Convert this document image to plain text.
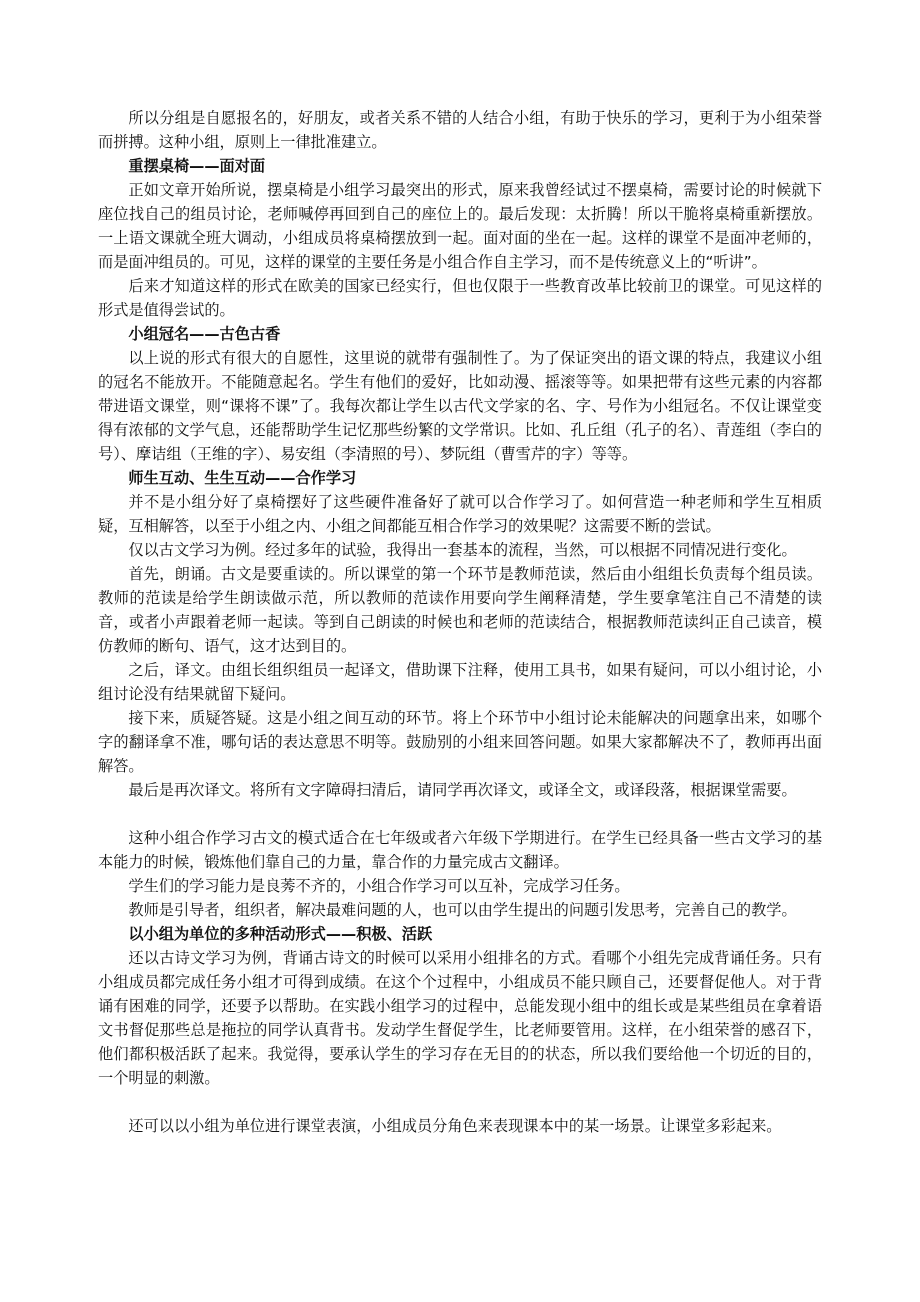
所以分组是自愿报名的，好朋友，或者关系不错的人结合小组，有助于快乐的学习，更利于为小组荣誉而拼搏。这种小组，原则上一律批准建立。

重摆桌椅——面对面

正如文章开始所说，摆桌椅是小组学习最突出的形式，原来我曾经试过不摆桌椅，需要讨论的时候就下座位找自己的组员讨论，老师喊停再回到自己的座位上的。最后发现：太折腾！所以干脆将桌椅重新摆放。一上语文课就全班大调动，小组成员将桌椅摆放到一起。面对面的坐在一起。这样的课堂不是面冲老师的，而是面冲组员的。可见，这样的课堂的主要任务是小组合作自主学习，而不是传统意义上的“听讲”。

后来才知道这样的形式在欧美的国家已经实行，但也仅限于一些教育改革比较前卫的课堂。可见这样的形式是值得尝试的。

小组冠名——古色古香

以上说的形式有很大的自愿性，这里说的就带有强制性了。为了保证突出的语文课的特点，我建议小组的冠名不能放开。不能随意起名。学生有他们的爱好，比如动漫、摇滚等等。如果把带有这些元素的内容都带进语文课堂，则“课将不课”了。我每次都让学生以古代文学家的名、字、号作为小组冠名。不仅让课堂变得有浓郁的文学气息，还能帮助学生记忆那些纷繁的文学常识。比如、孔丘组（孔子的名）、青莲组（李白的号）、摩诘组（王维的字）、易安组（李清照的号）、梦阮组（曹雪芹的字）等等。

师生互动、生生互动——合作学习

并不是小组分好了桌椅摆好了这些硬件准备好了就可以合作学习了。如何营造一种老师和学生互相质疑，互相解答，以至于小组之内、小组之间都能互相合作学习的效果呢？这需要不断的尝试。

仅以古文学习为例。经过多年的试验，我得出一套基本的流程，当然，可以根据不同情况进行变化。

首先，朗诵。古文是要重读的。所以课堂的第一个环节是教师范读，然后由小组组长负责每个组员读。教师的范读是给学生朗读做示范，所以教师的范读作用要向学生阐释清楚，学生要拿笔注自己不清楚的读音，或者小声跟着老师一起读。等到自己朗读的时候也和老师的范读结合，根据教师范读纠正自己读音，模仿教师的断句、语气，这才达到目的。

之后，译文。由组长组织组员一起译文，借助课下注释，使用工具书，如果有疑问，可以小组讨论，小组讨论没有结果就留下疑问。

接下来，质疑答疑。这是小组之间互动的环节。将上个环节中小组讨论未能解决的问题拿出来，如哪个字的翻译拿不准，哪句话的表达意思不明等。鼓励别的小组来回答问题。如果大家都解决不了，教师再出面解答。

最后是再次译文。将所有文字障碍扫清后，请同学再次译文，或译全文，或译段落，根据课堂需要。

这种小组合作学习古文的模式适合在七年级或者六年级下学期进行。在学生已经具备一些古文学习的基本能力的时候，锻炼他们靠自己的力量，靠合作的力量完成古文翻译。

学生们的学习能力是良莠不齐的，小组合作学习可以互补，完成学习任务。

教师是引导者，组织者，解决最难问题的人，也可以由学生提出的问题引发思考，完善自己的教学。

以小组为单位的多种活动形式——积极、活跃

还以古诗文学习为例，背诵古诗文的时候可以采用小组排名的方式。看哪个小组先完成背诵任务。只有小组成员都完成任务小组才可得到成绩。在这个个过程中，小组成员不能只顾自己，还要督促他人。对于背诵有困难的同学，还要予以帮助。在实践小组学习的过程中，总能发现小组中的组长或是某些组员在拿着语文书督促那些总是拖拉的同学认真背书。发动学生督促学生，比老师要管用。这样，在小组荣誉的感召下，他们都积极活跃了起来。我觉得，要承认学生的学习存在无目的的状态，所以我们要给他一个切近的目的，一个明显的刺激。

还可以以小组为单位进行课堂表演，小组成员分角色来表现课本中的某一场景。让课堂多彩起来。
